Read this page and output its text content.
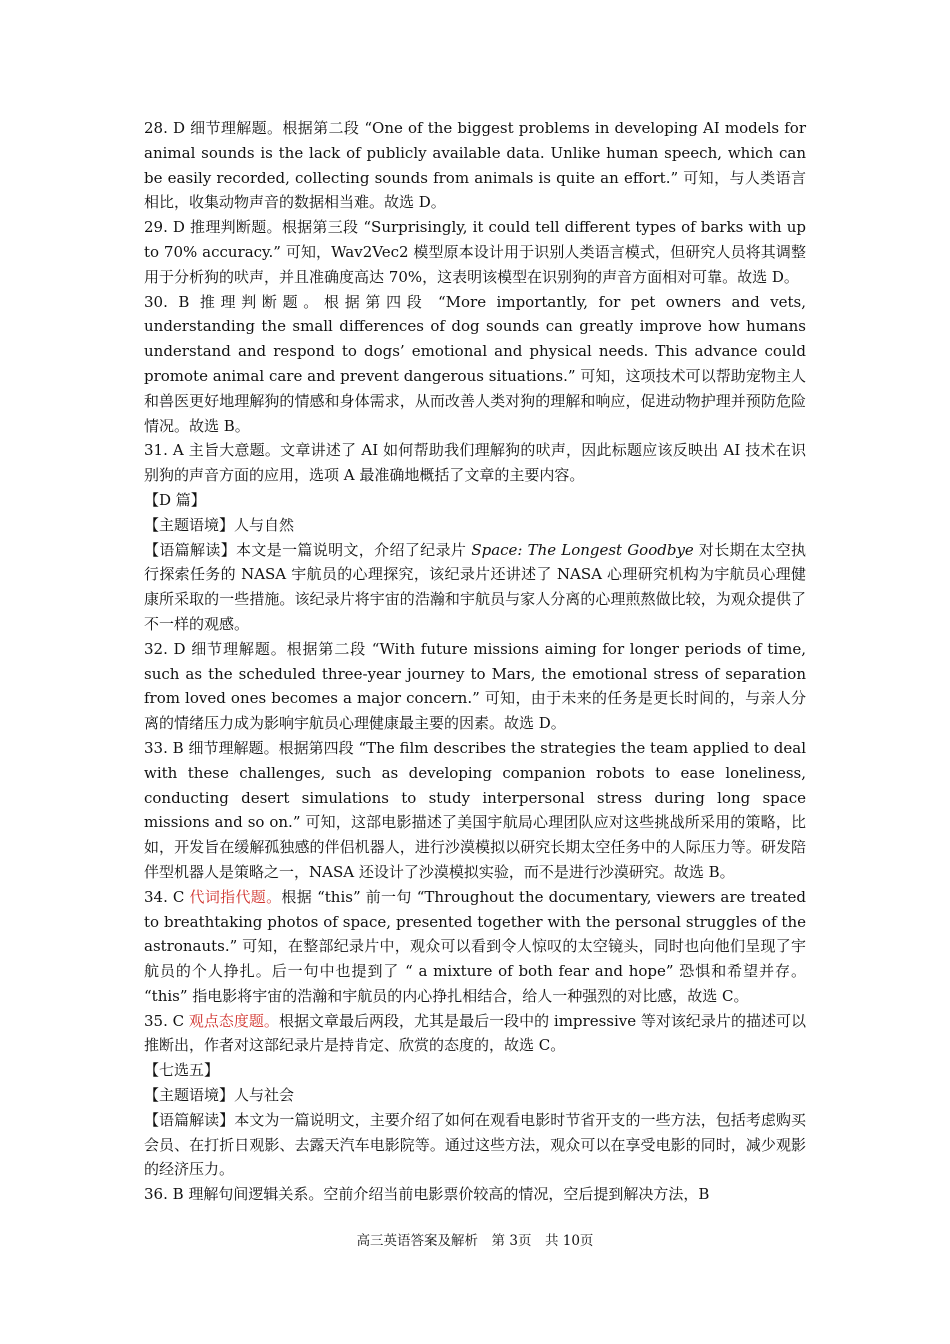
28. D 细节理解题。根据第二段 “One of the biggest problems in developing AI models for animal sounds is the lack of publicly available data. Unlike human speech, which can be easily recorded, collecting sounds from animals is quite an effort.” 可知，与人类语言相比，收集动物声音的数据相当难。故选 D。
29. D 推理判断题。根据第三段 “Surprisingly, it could tell different types of barks with up to 70% accuracy.” 可知，Wav2Vec2 模型原本设计用于识别人类语言模式，但研究人员将其调整用于分析狗的吠声，并且准确度高达 70%，这表明该模型在识别狗的声音方面相对可靠。故选 D。
30. B 推理判断题。根据第四段 “More importantly, for pet owners and vets, understanding the small differences of dog sounds can greatly improve how humans understand and respond to dogs’ emotional and physical needs. This advance could promote animal care and prevent dangerous situations.” 可知，这项技术可以帮助宠物主人和兽医更好地理解狗的情感和身体需求，从而改善人类对狗的理解和响应，促进动物护理并预防危险情况。故选 B。
31. A 主旨大意题。文章讲述了 AI 如何帮助我们理解狗的吠声，因此标题应该反映出 AI 技术在识别狗的声音方面的应用，选项 A 最准确地概括了文章的主要内容。
【D 篇】
【主题语境】人与自然
【语篇解读】本文是一篇说明文，介绍了纪录片 Space: The Longest Goodbye 对长期在太空执行探索任务的 NASA 宇航员的心理探究，该纪录片还讲述了 NASA 心理研究机构为宇航员心理健康所采取的一些措施。该纪录片将宇宙的浩瀚和宇航员与家人分离的心理煎熬做比较，为观众提供了不一样的观感。
32. D 细节理解题。根据第二段 “With future missions aiming for longer periods of time, such as the scheduled three-year journey to Mars, the emotional stress of separation from loved ones becomes a major concern.” 可知，由于未来的任务是更长时间的，与亲人分离的情绪压力成为影响宇航员心理健康最主要的因素。故选 D。
33. B 细节理解题。根据第四段 “The film describes the strategies the team applied to deal with these challenges, such as developing companion robots to ease loneliness, conducting desert simulations to study interpersonal stress during long space missions and so on.” 可知，这部电影描述了美国宇航局心理团队应对这些挑战所采用的策略，比如，开发旨在缓解孤独感的伴侣机器人，进行沙漠模拟以研究长期太空任务中的人际压力等。研发陪伴型机器人是策略之一，NASA 还设计了沙漠模拟实验，而不是进行沙漠研究。故选 B。
34. C 代词指代题。根据 “this” 前一句 “Throughout the documentary, viewers are treated to breathtaking photos of space, presented together with the personal struggles of the astronauts.” 可知，在整部纪录片中，观众可以看到令人惊叹的太空镜头，同时也向他们呈现了宇航员的个人挣扎。后一句中也提到了 “ a mixture of both fear and hope” 恐惧和希望并存。 “this” 指电影将宇宙的浩瀚和宇航员的内心挣扎相结合，给人一种强烈的对比感，故选 C。
35. C 观点态度题。根据文章最后两段，尤其是最后一段中的 impressive 等对该纪录片的描述可以推断出，作者对这部纪录片是持肯定、欣赏的态度的，故选 C。
【七选五】
【主题语境】人与社会
【语篇解读】本文为一篇说明文，主要介绍了如何在观看电影时节省开支的一些方法，包括考虑购买会员、在打折日观影、去露天汽车电影院等。通过这些方法，观众可以在享受电影的同时，减少观影的经济压力。
36. B 理解句间逻辑关系。空前介绍当前电影票价较高的情况，空后提到解决方法，B
高三英语答案及解析　第 3页　共 10页
